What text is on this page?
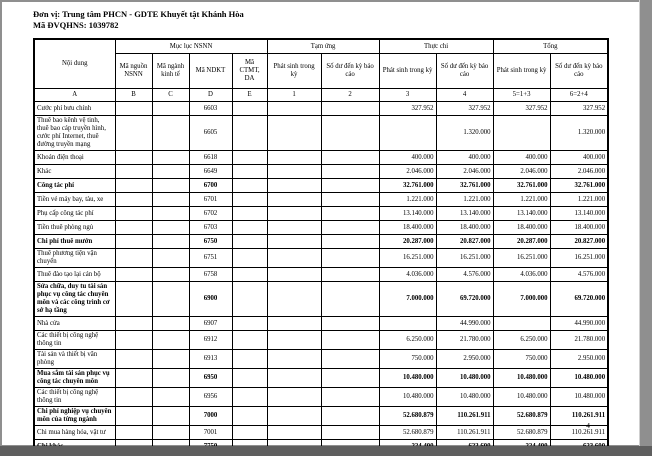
Đơn vị: Trung tâm PHCN - GDTE Khuyết tật Khánh Hòa
Mã ĐVQHNS: 1039782
Nội dung	Mục lục NSNN				Tạm ứng		Thực chi		Tổng	
	Mã nguồn NSNN	Mã ngành kinh tế	Mã NDKT	Mã CTMT, DA	Phát sinh trong kỳ	Số dư đến kỳ báo cáo	Phát sinh trong kỳ	Số dư đến kỳ báo cáo	Phát sinh trong kỳ	Số dư đến kỳ báo cáo
A	B	C	D	E	1	2	3	4	5=1+3	6=2+4
Cước phí bưu chính			6603				327.952	327.952	327.952	327.952
Thuê bao kênh vệ tinh, thuê bao cáp truyền hình, cước phí Internet, thuê đường truyền mạng			6605					1.320.000		1.320.000
Khoán điện thoại			6618				400.000	400.000	400.000	400.000
Khác			6649				2.046.000	2.046.000	2.046.000	2.046.000
Công tác phí			6700				32.761.000	32.761.000	32.761.000	32.761.000
Tiền vé máy bay, tàu, xe			6701				1.221.000	1.221.000	1.221.000	1.221.000
Phụ cấp công tác phí			6702				13.140.000	13.140.000	13.140.000	13.140.000
Tiền thuê phòng ngủ			6703				18.400.000	18.400.000	18.400.000	18.400.000
Chi phí thuê mướn			6750				20.287.000	20.827.000	20.287.000	20.827.000
Thuê phương tiện vận chuyển			6751				16.251.000	16.251.000	16.251.000	16.251.000
Thuê đào tạo lại cán bộ			6758				4.036.000	4.576.000	4.036.000	4.576.000
Sửa chữa, duy tu tài sản phục vụ công tác chuyên môn và các công trình cơ sở hạ tầng			6900				7.000.000	69.720.000	7.000.000	69.720.000
Nhà cửa			6907					44.990.000		44.990.000
Các thiết bị công nghệ thông tin			6912				6.250.000	21.780.000	6.250.000	21.780.000
Tài sản và thiết bị văn phòng			6913				750.000	2.950.000	750.000	2.950.000
Mua sắm tài sản phục vụ công tác chuyên môn			6950				10.480.000	10.480.000	10.480.000	10.480.000
Các thiết bị công nghệ thông tin			6956				10.480.000	10.480.000	10.480.000	10.480.000
Chi phí nghiệp vụ chuyên môn của từng ngành			7000				52.680.879	110.261.911	52.680.879	110.261.911
Chi mua hàng hóa, vật tư			7001				52.680.879	110.261.911	52.680.879	110.261.911

4
